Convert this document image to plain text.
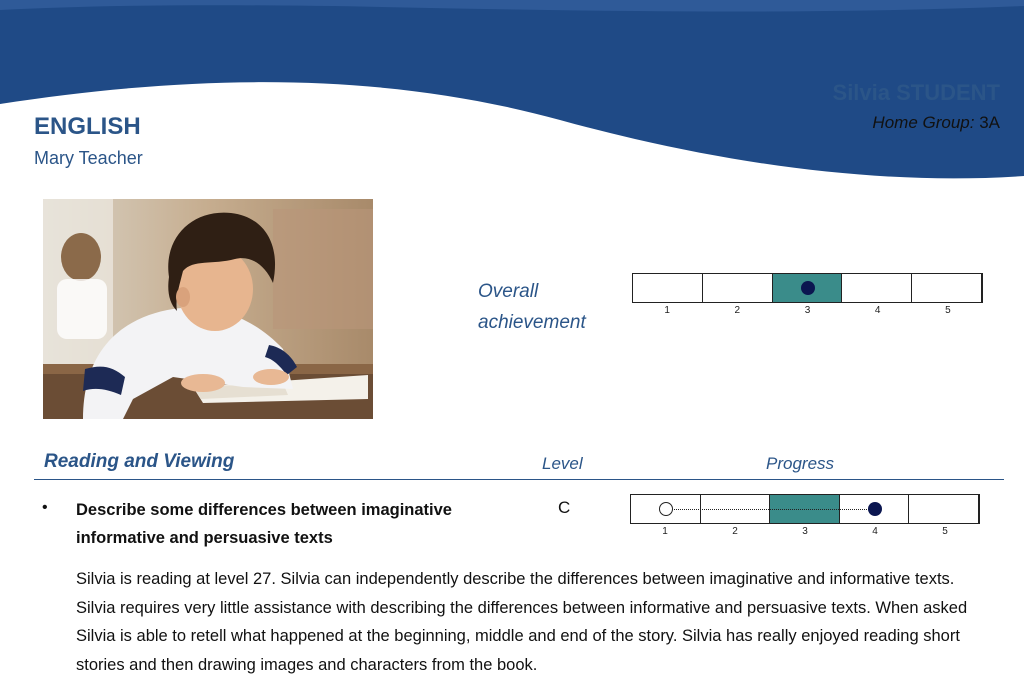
ENGLISH
Mary Teacher
Silvia STUDENT
Home Group: 3A
Overall
achievement
1	2	3	4	5
Reading and Viewing	Level	Progress
• Describe some differences between imaginative
informative and persuasive texts
C
1	2	3	4	5

Silvia is reading at level 27. Silvia can independently describe the differences between imaginative and informative texts. Silvia requires very little assistance with describing the differences between informative and persuasive texts. When asked Silvia is able to retell what happened at the beginning, middle and end of the story. Silvia has really enjoyed reading short stories and then drawing images and characters from the book.
